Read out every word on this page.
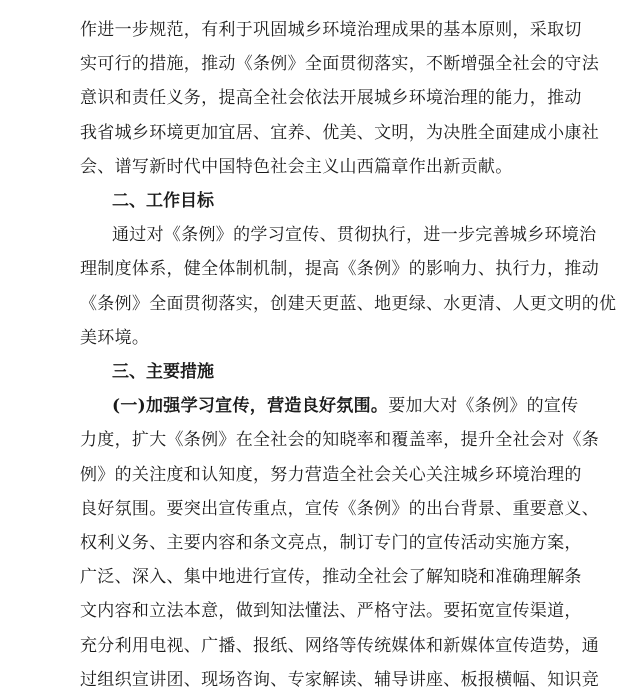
作进一步规范，有利于巩固城乡环境治理成果的基本原则，采取切
实可行的措施，推动《条例》全面贯彻落实，不断增强全社会的守法
意识和责任义务，提高全社会依法开展城乡环境治理的能力，推动
我省城乡环境更加宜居、宜养、优美、文明，为决胜全面建成小康社
会、谱写新时代中国特色社会主义山西篇章作出新贡献。
二、工作目标
通过对《条例》的学习宣传、贯彻执行，进一步完善城乡环境治
理制度体系，健全体制机制，提高《条例》的影响力、执行力，推动
《条例》全面贯彻落实，创建天更蓝、地更绿、水更清、人更文明的优
美环境。
三、主要措施
(一)加强学习宣传，营造良好氛围。要加大对《条例》的宣传
力度，扩大《条例》在全社会的知晓率和覆盖率，提升全社会对《条
例》的关注度和认知度，努力营造全社会关心关注城乡环境治理的
良好氛围。要突出宣传重点，宣传《条例》的出台背景、重要意义、
权利义务、主要内容和条文亮点，制订专门的宣传活动实施方案，
广泛、深入、集中地进行宣传，推动全社会了解知晓和准确理解条
文内容和立法本意，做到知法懂法、严格守法。要拓宽宣传渠道，
充分利用电视、广播、报纸、网络等传统媒体和新媒体宣传造势，通
过组织宣讲团、现场咨询、专家解读、辅导讲座、板报横幅、知识竞
